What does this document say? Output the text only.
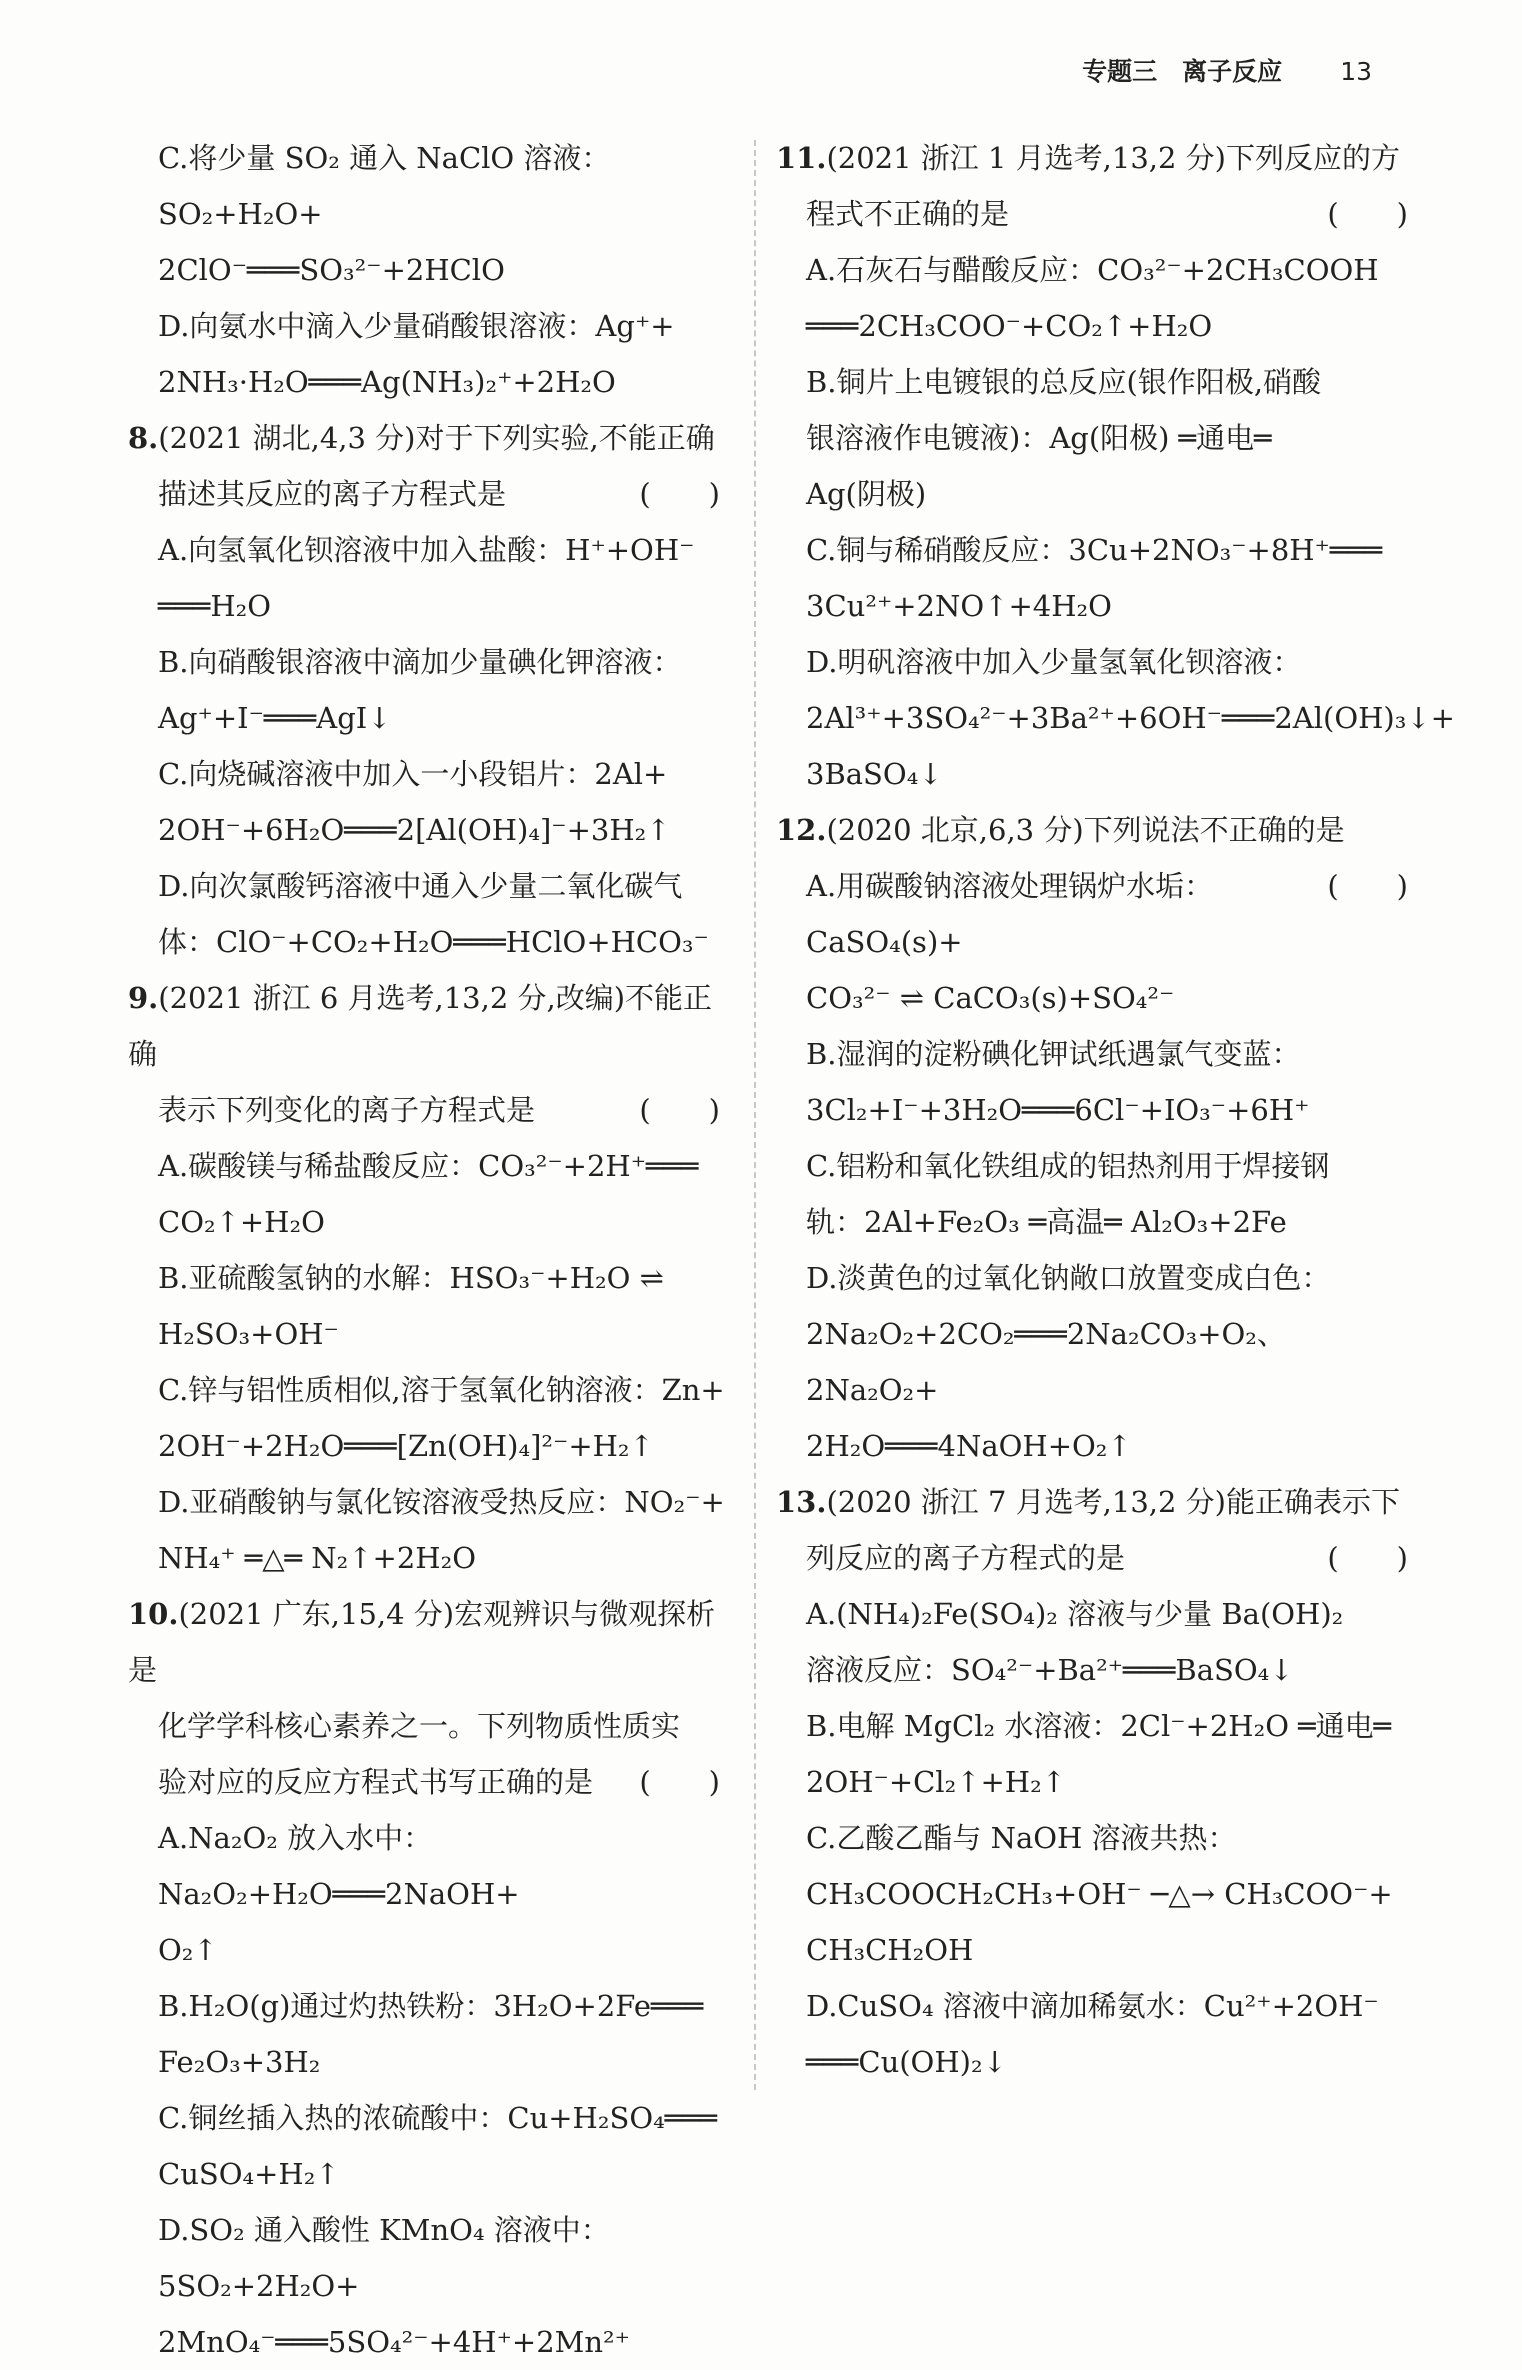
专题三　离子反应 13

C.将少量 SO₂ 通入 NaClO 溶液：SO₂+H₂O+

2ClO⁻═══SO₃²⁻+2HClO

D.向氨水中滴入少量硝酸银溶液：Ag⁺+

2NH₃·H₂O═══Ag(NH₃)₂⁺+2H₂O

8.(2021 湖北,4,3 分)对于下列实验,不能正确

(　　)
描述其反应的离子方程式是

A.向氢氧化钡溶液中加入盐酸：H⁺+OH⁻

═══H₂O

B.向硝酸银溶液中滴加少量碘化钾溶液：

Ag⁺+I⁻═══AgI↓

C.向烧碱溶液中加入一小段铝片：2Al+

2OH⁻+6H₂O═══2[Al(OH)₄]⁻+3H₂↑

D.向次氯酸钙溶液中通入少量二氧化碳气

体：ClO⁻+CO₂+H₂O═══HClO+HCO₃⁻

9.(2021 浙江 6 月选考,13,2 分,改编)不能正确

(　　)
表示下列变化的离子方程式是

A.碳酸镁与稀盐酸反应：CO₃²⁻+2H⁺═══

CO₂↑+H₂O

B.亚硫酸氢钠的水解：HSO₃⁻+H₂O ⇌

H₂SO₃+OH⁻

C.锌与铝性质相似,溶于氢氧化钠溶液：Zn+

2OH⁻+2H₂O═══[Zn(OH)₄]²⁻+H₂↑

D.亚硝酸钠与氯化铵溶液受热反应：NO₂⁻+

NH₄⁺ ═△═ N₂↑+2H₂O

10.(2021 广东,15,4 分)宏观辨识与微观探析是

化学学科核心素养之一。下列物质性质实

(　　)
验对应的反应方程式书写正确的是

A.Na₂O₂ 放入水中：Na₂O₂+H₂O═══2NaOH+

O₂↑

B.H₂O(g)通过灼热铁粉：3H₂O+2Fe═══

Fe₂O₃+3H₂

C.铜丝插入热的浓硫酸中：Cu+H₂SO₄═══

CuSO₄+H₂↑

D.SO₂ 通入酸性 KMnO₄ 溶液中：5SO₂+2H₂O+

2MnO₄⁻═══5SO₄²⁻+4H⁺+2Mn²⁺

11.(2021 浙江 1 月选考,13,2 分)下列反应的方

(　　)
程式不正确的是

A.石灰石与醋酸反应：CO₃²⁻+2CH₃COOH

═══2CH₃COO⁻+CO₂↑+H₂O

B.铜片上电镀银的总反应(银作阳极,硝酸

银溶液作电镀液)：Ag(阳极) ═通电═

Ag(阴极)

C.铜与稀硝酸反应：3Cu+2NO₃⁻+8H⁺═══

3Cu²⁺+2NO↑+4H₂O

D.明矾溶液中加入少量氢氧化钡溶液：

2Al³⁺+3SO₄²⁻+3Ba²⁺+6OH⁻═══2Al(OH)₃↓+

3BaSO₄↓

12.(2020 北京,6,3 分)下列说法不正确的是

(　　)

A.用碳酸钠溶液处理锅炉水垢：CaSO₄(s)+

CO₃²⁻ ⇌ CaCO₃(s)+SO₄²⁻

B.湿润的淀粉碘化钾试纸遇氯气变蓝：

3Cl₂+I⁻+3H₂O═══6Cl⁻+IO₃⁻+6H⁺

C.铝粉和氧化铁组成的铝热剂用于焊接钢

轨：2Al+Fe₂O₃ ═高温═ Al₂O₃+2Fe

D.淡黄色的过氧化钠敞口放置变成白色：

2Na₂O₂+2CO₂═══2Na₂CO₃+O₂、2Na₂O₂+

2H₂O═══4NaOH+O₂↑

13.(2020 浙江 7 月选考,13,2 分)能正确表示下

(　　)
列反应的离子方程式的是

A.(NH₄)₂Fe(SO₄)₂ 溶液与少量 Ba(OH)₂

溶液反应：SO₄²⁻+Ba²⁺═══BaSO₄↓

B.电解 MgCl₂ 水溶液：2Cl⁻+2H₂O ═通电═

2OH⁻+Cl₂↑+H₂↑

C.乙酸乙酯与 NaOH 溶液共热：

CH₃COOCH₂CH₃+OH⁻ ─△→ CH₃COO⁻+

CH₃CH₂OH

D.CuSO₄ 溶液中滴加稀氨水：Cu²⁺+2OH⁻

═══Cu(OH)₂↓
